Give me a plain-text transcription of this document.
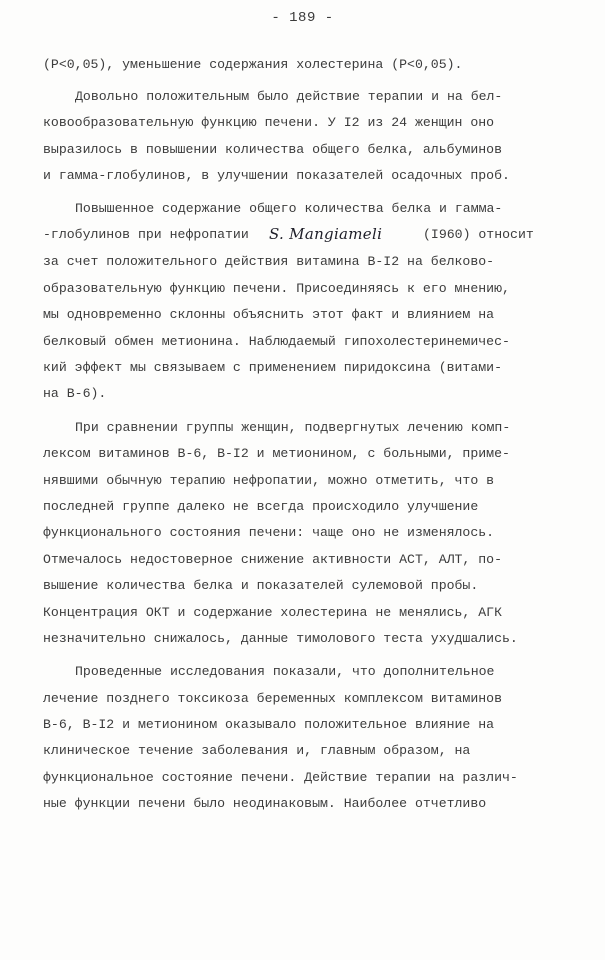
- 189 -
(P<0,05), уменьшение содержания холестерина (P<0,05).
Довольно положительным было действие терапии и на бел-
ковообразовательную функцию печени. У I2 из 24 женщин оно
выразилось в повышении количества общего белка, альбуминов
и гамма-глобулинов, в улучшении показателей осадочных проб.
Повышенное содержание общего количества белка и гамма-
-глобулинов при нефропатии S. Mangiameli	(I960) относит
за счет положительного действия витамина В-I2 на белково-
образовательную функцию печени. Присоединяясь к его мнению,
мы одновременно склонны объяснить этот факт и влиянием на
белковый обмен метионина. Наблюдаемый гипохолестеринемичес-
кий эффект мы связываем с применением пиридоксина (витами-
на В-6).
При сравнении группы женщин, подвергнутых лечению комп-
лексом витаминов В-6, В-I2 и метионином, с больными, приме-
нявшими обычную терапию нефропатии, можно отметить, что в
последней группе далеко не всегда происходило улучшение
функционального состояния печени: чаще оно не изменялось.
Отмечалось недостоверное снижение активности АСТ, АЛТ, по-
вышение количества белка и показателей сулемовой пробы.
Концентрация ОКТ и содержание холестерина не менялись, АГК
незначительно снижалось, данные тимолового теста ухудшались.
Проведенные исследования показали, что дополнительное
лечение позднего токсикоза беременных комплексом витаминов
В-6, В-I2 и метионином оказывало положительное влияние на
клиническое течение заболевания и, главным образом, на
функциональное состояние печени. Действие терапии на различ-
ные функции печени было неодинаковым. Наиболее отчетливо
